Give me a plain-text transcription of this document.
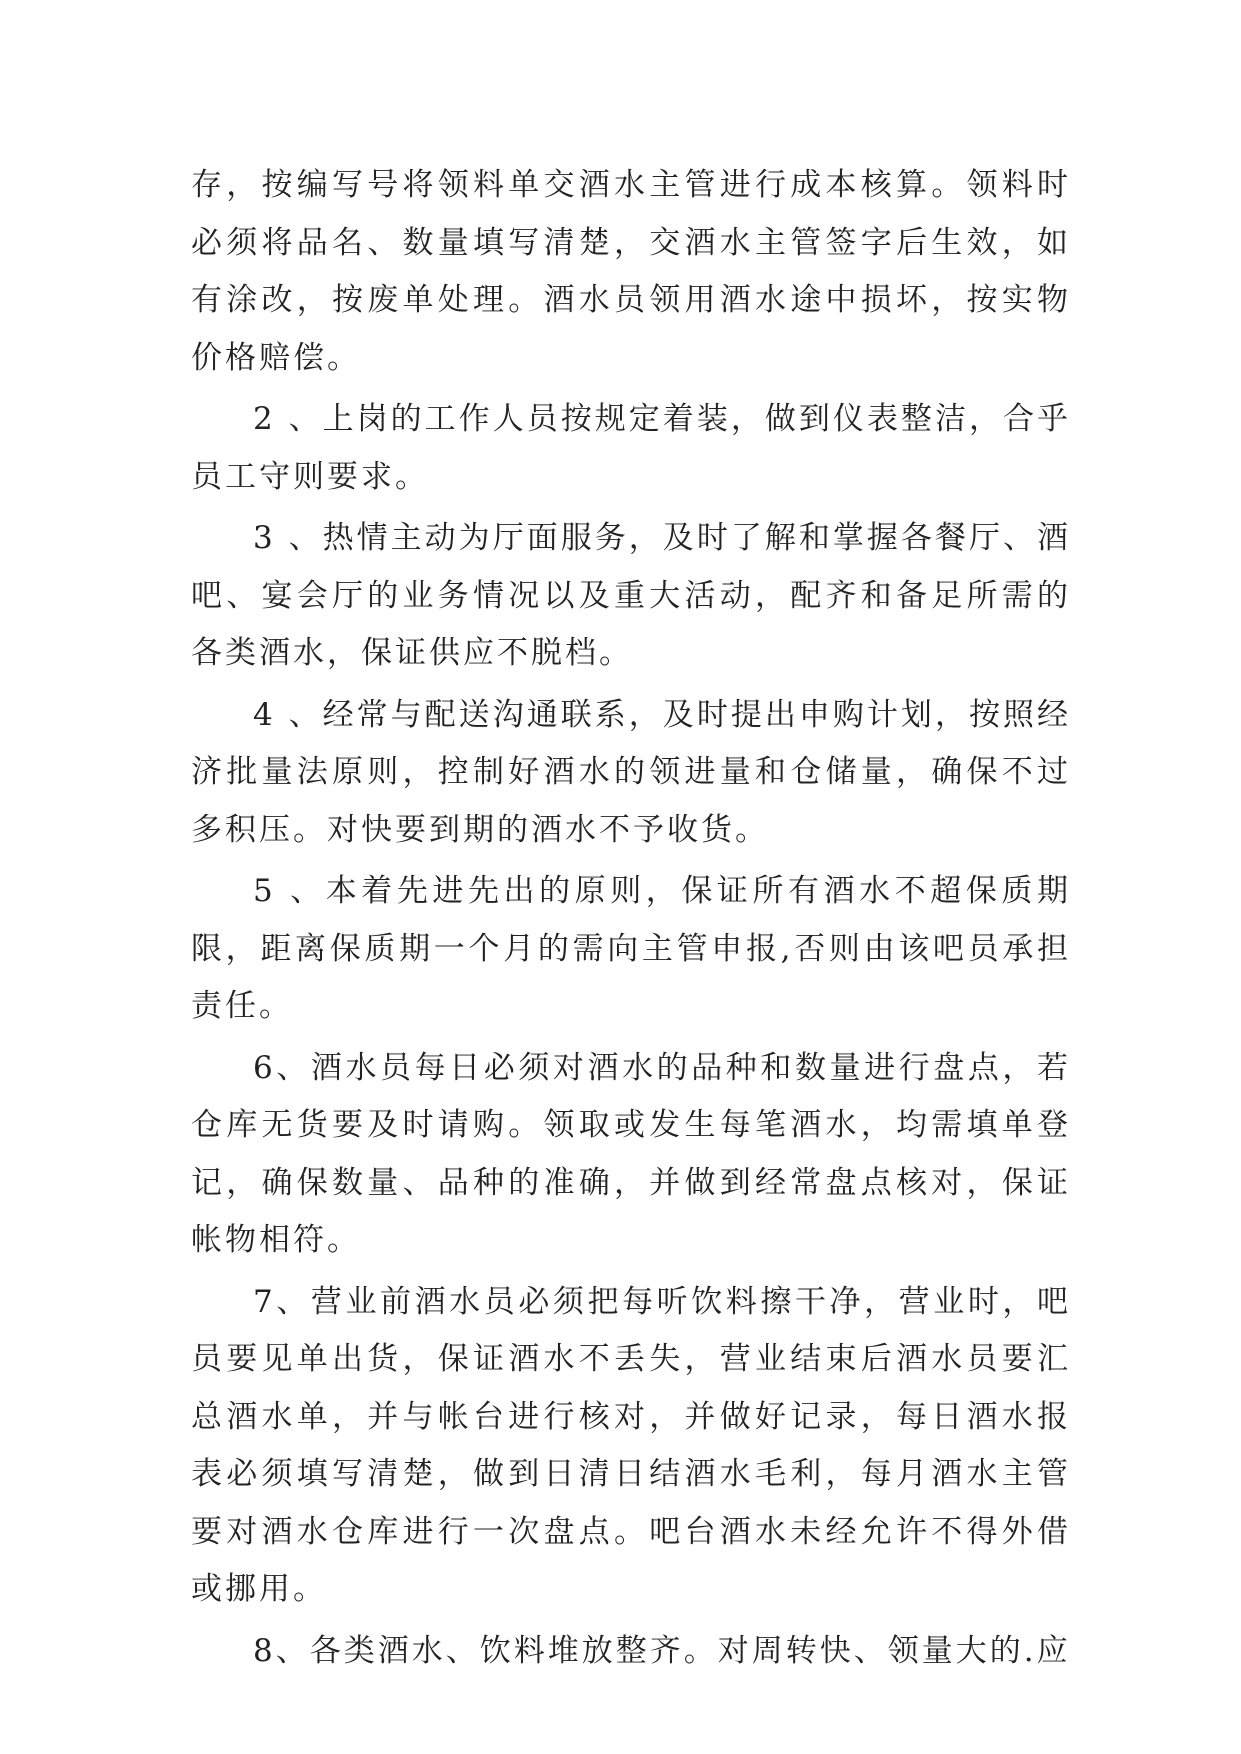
存，按编写号将领料单交酒水主管进行成本核算。领料时必须将品名、数量填写清楚，交酒水主管签字后生效，如有涂改，按废单处理。酒水员领用酒水途中损坏，按实物价格赔偿。

2 、上岗的工作人员按规定着装，做到仪表整洁，合乎员工守则要求。

3 、热情主动为厅面服务，及时了解和掌握各餐厅、酒吧、宴会厅的业务情况以及重大活动，配齐和备足所需的各类酒水，保证供应不脱档。

4 、经常与配送沟通联系，及时提出申购计划，按照经济批量法原则，控制好酒水的领进量和仓储量，确保不过多积压。对快要到期的酒水不予收货。

5 、本着先进先出的原则，保证所有酒水不超保质期限，距离保质期一个月的需向主管申报,否则由该吧员承担责任。

6、酒水员每日必须对酒水的品种和数量进行盘点，若仓库无货要及时请购。领取或发生每笔酒水，均需填单登记，确保数量、品种的准确，并做到经常盘点核对，保证帐物相符。

7、营业前酒水员必须把每听饮料擦干净，营业时，吧员要见单出货，保证酒水不丢失，营业结束后酒水员要汇总酒水单，并与帐台进行核对，并做好记录，每日酒水报表必须填写清楚，做到日清日结酒水毛利，每月酒水主管要对酒水仓库进行一次盘点。吧台酒水未经允许不得外借或挪用。

8、各类酒水、饮料堆放整齐。对周转快、领量大的.应
